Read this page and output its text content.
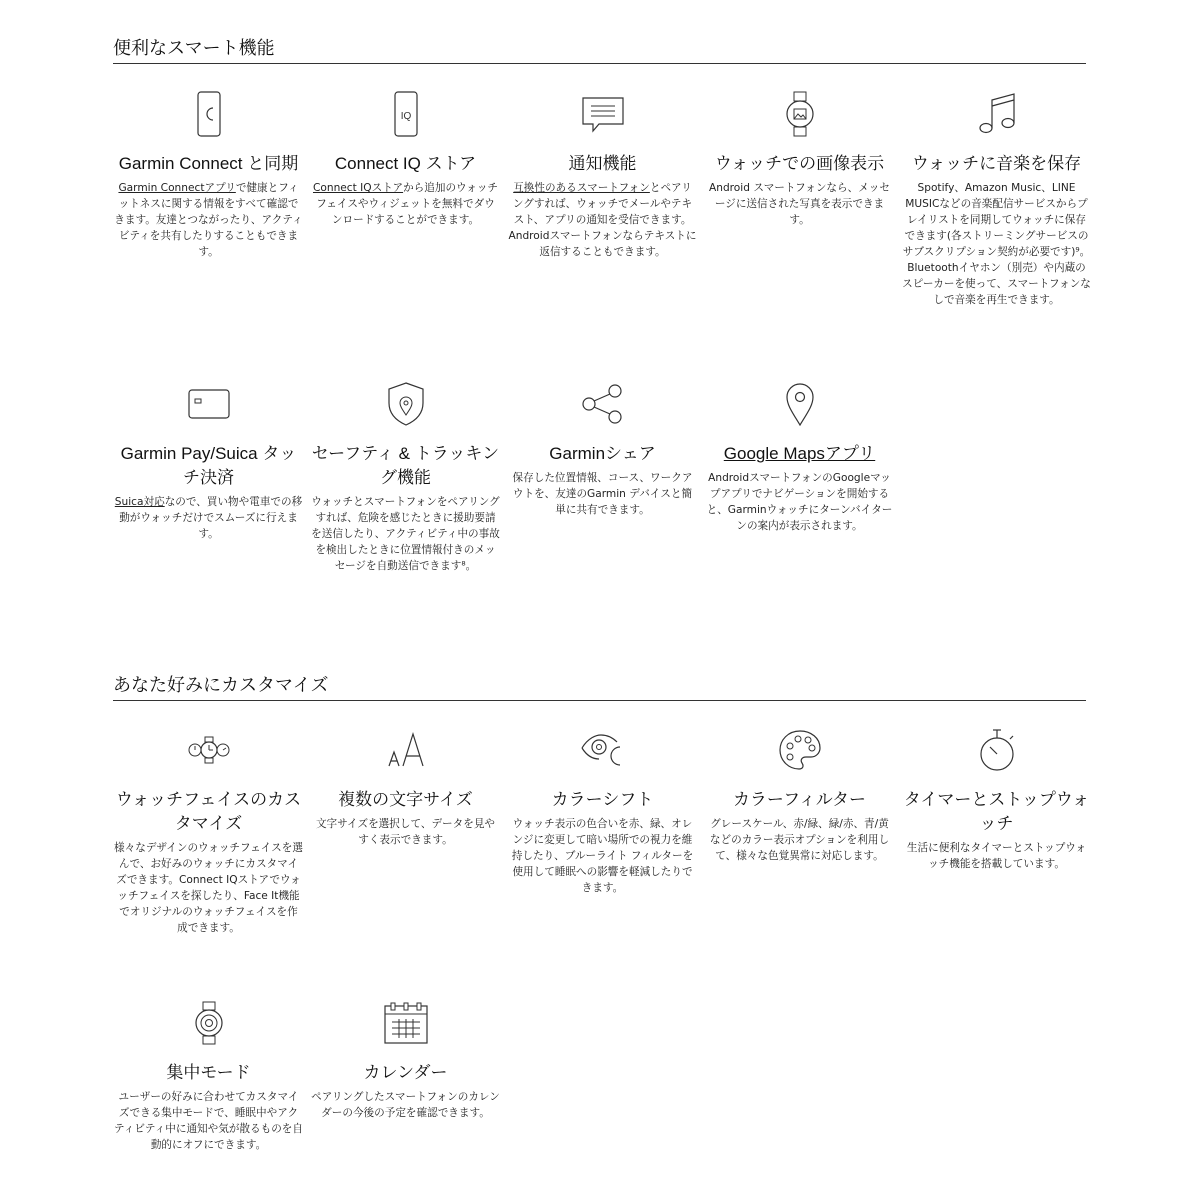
便利なスマート機能
Garmin Connect と同期
Garmin Connectアプリで健康とフィットネスに関する情報をすべて確認できます。友達とつながったり、アクティビティを共有したりすることもできます。
IQ
Connect IQ ストア
Connect IQストアから追加のウォッチフェイスやウィジェットを無料でダウンロードすることができます。
通知機能
互換性のあるスマートフォンとペアリングすれば、ウォッチでメールやテキスト、アプリの通知を受信できます。 Androidスマートフォンならテキストに返信することもできます。
ウォッチでの画像表示
Android スマートフォンなら、メッセージに送信された写真を表示できます。
ウォッチに音楽を保存
Spotify、Amazon Music、LINE MUSICなどの音楽配信サービスからプレイリストを同期してウォッチに保存できます(各ストリーミングサービスのサブスクリプション契約が必要です)⁹。Bluetoothイヤホン（別売）や内蔵のスピーカーを使って、スマートフォンなしで音楽を再生できます。
Garmin Pay/Suica タッチ決済
Suica対応なので、買い物や電車での移動がウォッチだけでスムーズに行えます。
セーフティ & トラッキング機能
ウォッチとスマートフォンをペアリングすれば、危険を感じたときに援助要請を送信したり、アクティビティ中の事故を検出したときに位置情報付きのメッセージを自動送信できます⁸。
Garminシェア
保存した位置情報、コース、ワークアウトを、友達のGarmin デバイスと簡単に共有できます。
Google Mapsアプリ
AndroidスマートフォンのGoogleマップアプリでナビゲーションを開始すると、Garminウォッチにターンバイターンの案内が表示されます。
あなた好みにカスタマイズ
ウォッチフェイスのカスタマイズ
様々なデザインのウォッチフェイスを選んで、お好みのウォッチにカスタマイズできます。Connect IQストアでウォッチフェイスを探したり、Face It機能でオリジナルのウォッチフェイスを作成できます。
複数の文字サイズ
文字サイズを選択して、データを見やすく表示できます。
カラーシフト
ウォッチ表示の色合いを赤、緑、オレンジに変更して暗い場所での視力を維持したり、ブルーライト フィルターを使用して睡眠への影響を軽減したりできます。
カラーフィルター
グレースケール、赤/緑、緑/赤、青/黄などのカラー表示オプションを利用して、様々な色覚異常に対応します。
タイマーとストップウォッチ
生活に便利なタイマーとストップウォッチ機能を搭載しています。
集中モード
ユーザーの好みに合わせてカスタマイズできる集中モードで、睡眠中やアクティビティ中に通知や気が散るものを自動的にオフにできます。
カレンダー
ペアリングしたスマートフォンのカレンダーの今後の予定を確認できます。
